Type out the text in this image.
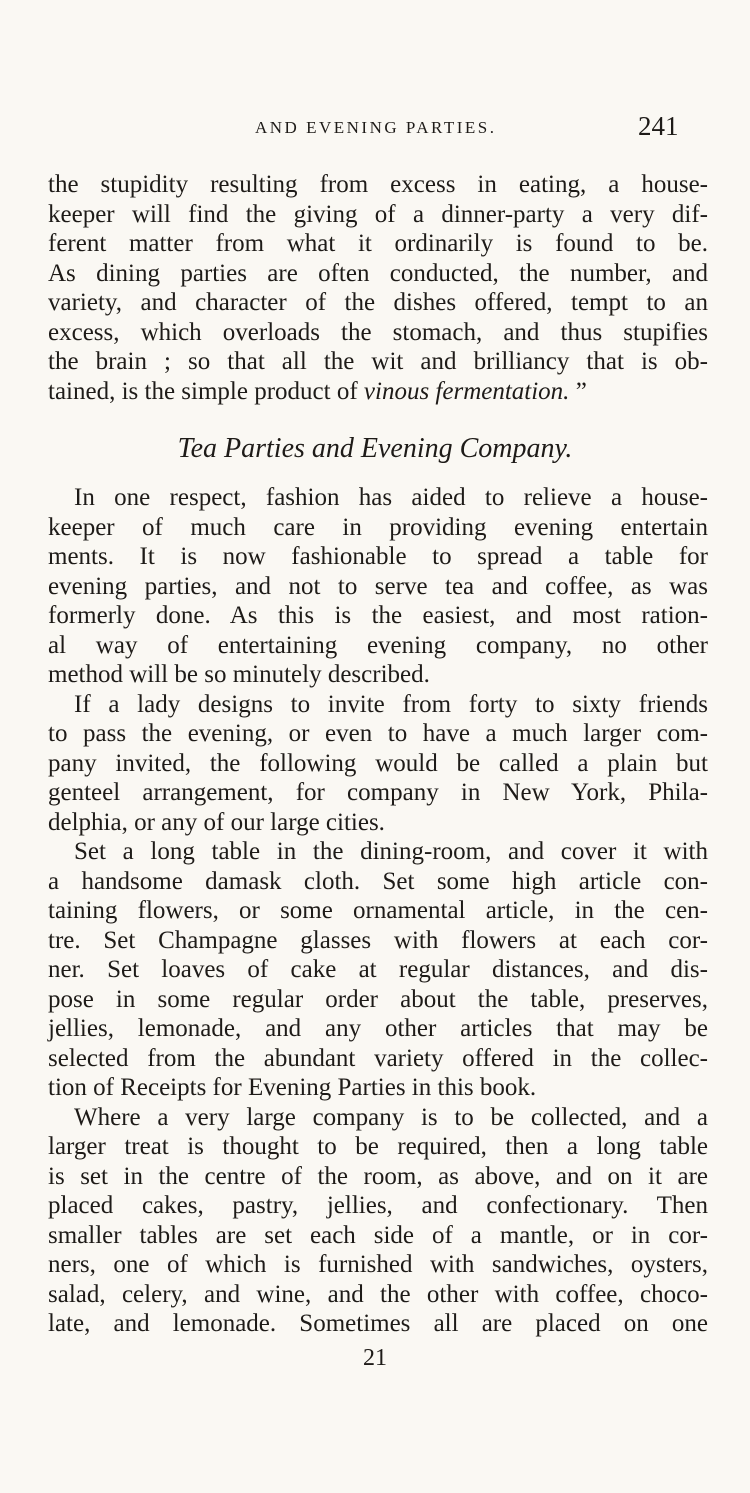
AND EVENING PARTIES.	241
the stupidity resulting from excess in eating, a house-
keeper will find the giving of a dinner-party a very dif-
ferent matter from what it ordinarily is found to be.
As dining parties are often conducted, the number, and
variety, and character of the dishes offered, tempt to an
excess, which overloads the stomach, and thus stupifies
the brain ; so that all the wit and brilliancy that is ob-
tained, is the simple product of vinous fermentation. ”
Tea Parties and Evening Company.
In one respect, fashion has aided to relieve a house-
keeper of much care in providing evening entertain
ments. It is now fashionable to spread a table for
evening parties, and not to serve tea and coffee, as was
formerly done. As this is the easiest, and most ration-
al way of entertaining evening company, no other
method will be so minutely described.
If a lady designs to invite from forty to sixty friends
to pass the evening, or even to have a much larger com-
pany invited, the following would be called a plain but
genteel arrangement, for company in New York, Phila-
delphia, or any of our large cities.
Set a long table in the dining-room, and cover it with
a handsome damask cloth. Set some high article con-
taining flowers, or some ornamental article, in the cen-
tre. Set Champagne glasses with flowers at each cor-
ner. Set loaves of cake at regular distances, and dis-
pose in some regular order about the table, preserves,
jellies, lemonade, and any other articles that may be
selected from the abundant variety offered in the collec-
tion of Receipts for Evening Parties in this book.
Where a very large company is to be collected, and a
larger treat is thought to be required, then a long table
is set in the centre of the room, as above, and on it are
placed cakes, pastry, jellies, and confectionary. Then
smaller tables are set each side of a mantle, or in cor-
ners, one of which is furnished with sandwiches, oysters,
salad, celery, and wine, and the other with coffee, choco-
late, and lemonade. Sometimes all are placed on one
21
